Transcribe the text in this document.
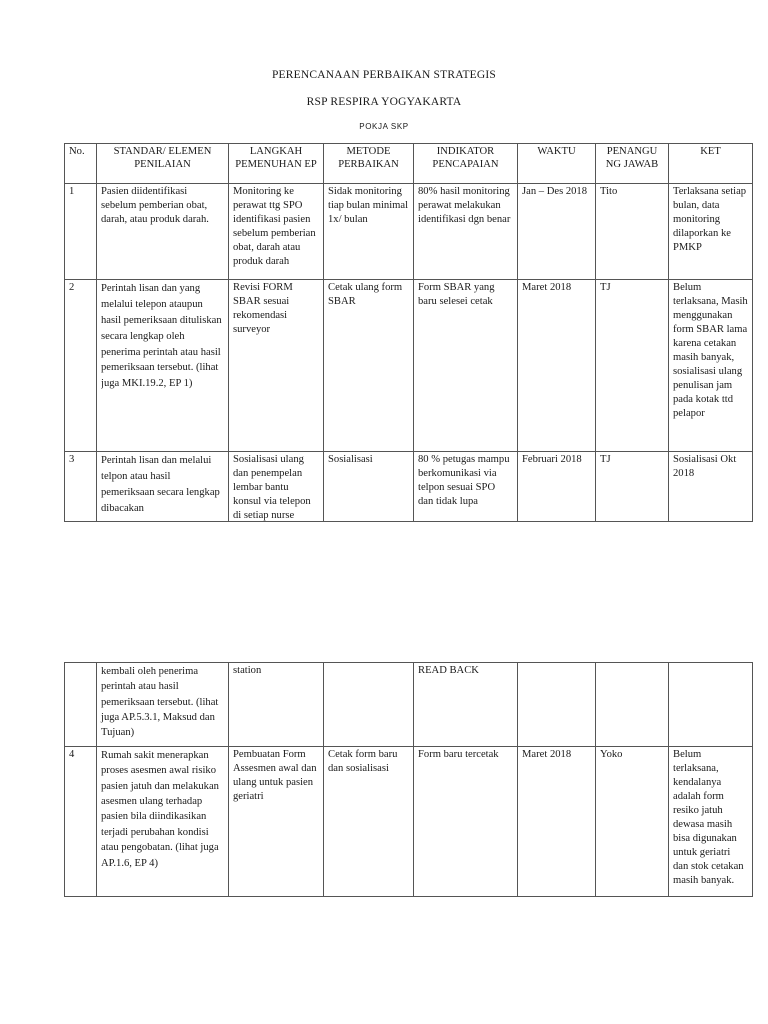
PERENCANAAN PERBAIKAN STRATEGIS
RSP RESPIRA YOGYAKARTA
POKJA SKP
No.	STANDAR/ ELEMEN PENILAIAN	LANGKAH PEMENUHAN EP	METODE PERBAIKAN	INDIKATOR PENCAPAIAN	WAKTU	PENANGU NG JAWAB	KET
1	Pasien diidentifikasi sebelum pemberian obat, darah, atau produk darah.	Monitoring ke perawat ttg SPO identifikasi pasien sebelum pemberian obat, darah atau produk darah	Sidak monitoring tiap bulan minimal 1x/ bulan	80% hasil monitoring perawat melakukan identifikasi dgn benar	Jan – Des 2018	Tito	Terlaksana setiap bulan, data monitoring dilaporkan ke PMKP
2	Perintah lisan dan yang melalui telepon ataupun hasil pemeriksaan dituliskan secara lengkap oleh penerima perintah atau hasil pemeriksaan tersebut. (lihat juga MKI.19.2, EP 1)	Revisi FORM SBAR sesuai rekomendasi surveyor	Cetak ulang form SBAR	Form SBAR yang baru selesei cetak	Maret 2018	TJ	Belum terlaksana, Masih menggunakan form SBAR lama karena cetakan masih banyak, sosialisasi ulang penulisan jam pada kotak ttd pelapor

3	Perintah lisan dan melalui telpon atau hasil pemeriksaan secara lengkap dibacakan	Sosialisasi ulang dan penempelan lembar bantu konsul via telepon di setiap nurse	Sosialisasi	80 % petugas mampu berkomunikasi via telpon sesuai SPO dan tidak lupa	Februari 2018	TJ	Sosialisasi Okt 2018
	kembali oleh penerima perintah atau hasil pemeriksaan tersebut. (lihat juga AP.5.3.1, Maksud dan Tujuan)	station		READ BACK			
4	Rumah sakit menerapkan proses asesmen awal risiko pasien jatuh dan melakukan asesmen ulang terhadap pasien bila diindikasikan terjadi perubahan kondisi atau pengobatan. (lihat juga AP.1.6, EP 4)	Pembuatan Form Assesmen awal dan ulang untuk pasien geriatri	Cetak form baru dan sosialisasi	Form baru tercetak	Maret 2018	Yoko	Belum terlaksana, kendalanya adalah form resiko jatuh dewasa masih bisa digunakan untuk geriatri dan stok cetakan masih banyak.
